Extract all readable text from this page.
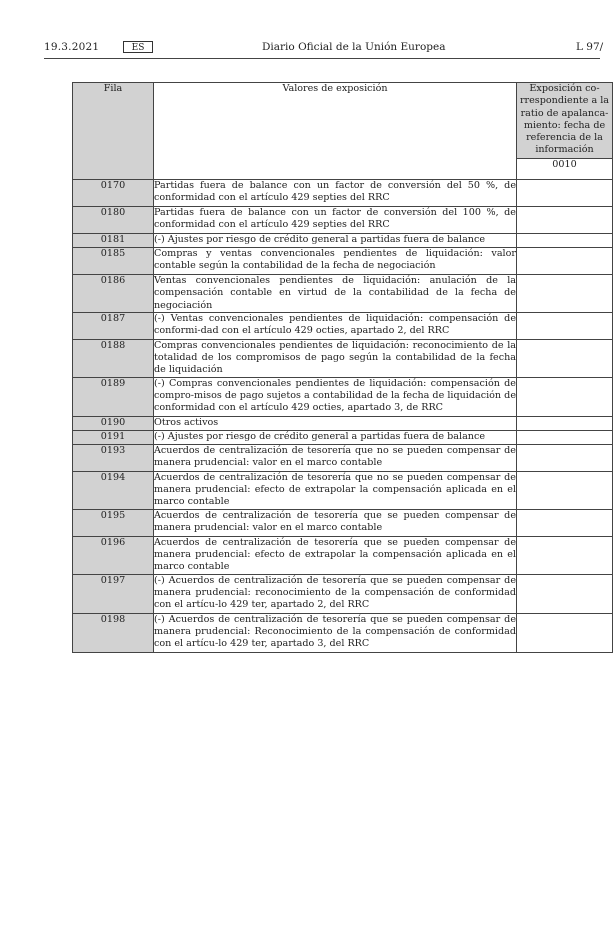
19.3.2021	ES	Diario Oficial de la Unión Europea	L 97/
Fila	Valores de exposición	Exposición co-rrespondiente a la ratio de apalanca-miento: fecha de referencia de la información
		0010
0170	Partidas fuera de balance con un factor de conversión del 50 %, de conformidad con el artículo 429 septies del RRC	
0180	Partidas fuera de balance con un factor de conversión del 100 %, de conformidad con el artículo 429 septies del RRC	
0181	(-) Ajustes por riesgo de crédito general a partidas fuera de balance	
0185	Compras y ventas convencionales pendientes de liquidación: valor contable según la contabilidad de la fecha de negociación	
0186	Ventas convencionales pendientes de liquidación: anulación de la compensación contable en virtud de la contabilidad de la fecha de negociación	
0187	(-) Ventas convencionales pendientes de liquidación: compensación de conformi-dad con el artículo 429 octies, apartado 2, del RRC	
0188	Compras convencionales pendientes de liquidación: reconocimiento de la totalidad de los compromisos de pago según la contabilidad de la fecha de liquidación	
0189	(-) Compras convencionales pendientes de liquidación: compensación de compro-misos de pago sujetos a contabilidad de la fecha de liquidación de conformidad con el artículo 429 octies, apartado 3, de RRC	
0190	Otros activos	
0191	(-) Ajustes por riesgo de crédito general a partidas fuera de balance	
0193	Acuerdos de centralización de tesorería que no se pueden compensar de manera prudencial: valor en el marco contable	
0194	Acuerdos de centralización de tesorería que no se pueden compensar de manera prudencial: efecto de extrapolar la compensación aplicada en el marco contable	
0195	Acuerdos de centralización de tesorería que se pueden compensar de manera prudencial: valor en el marco contable	
0196	Acuerdos de centralización de tesorería que se pueden compensar de manera prudencial: efecto de extrapolar la compensación aplicada en el marco contable	
0197	(-) Acuerdos de centralización de tesorería que se pueden compensar de manera prudencial: reconocimiento de la compensación de conformidad con el artícu-lo 429 ter, apartado 2, del RRC	
0198	(-) Acuerdos de centralización de tesorería que se pueden compensar de manera prudencial: Reconocimiento de la compensación de conformidad con el artícu-lo 429 ter, apartado 3, del RRC	
